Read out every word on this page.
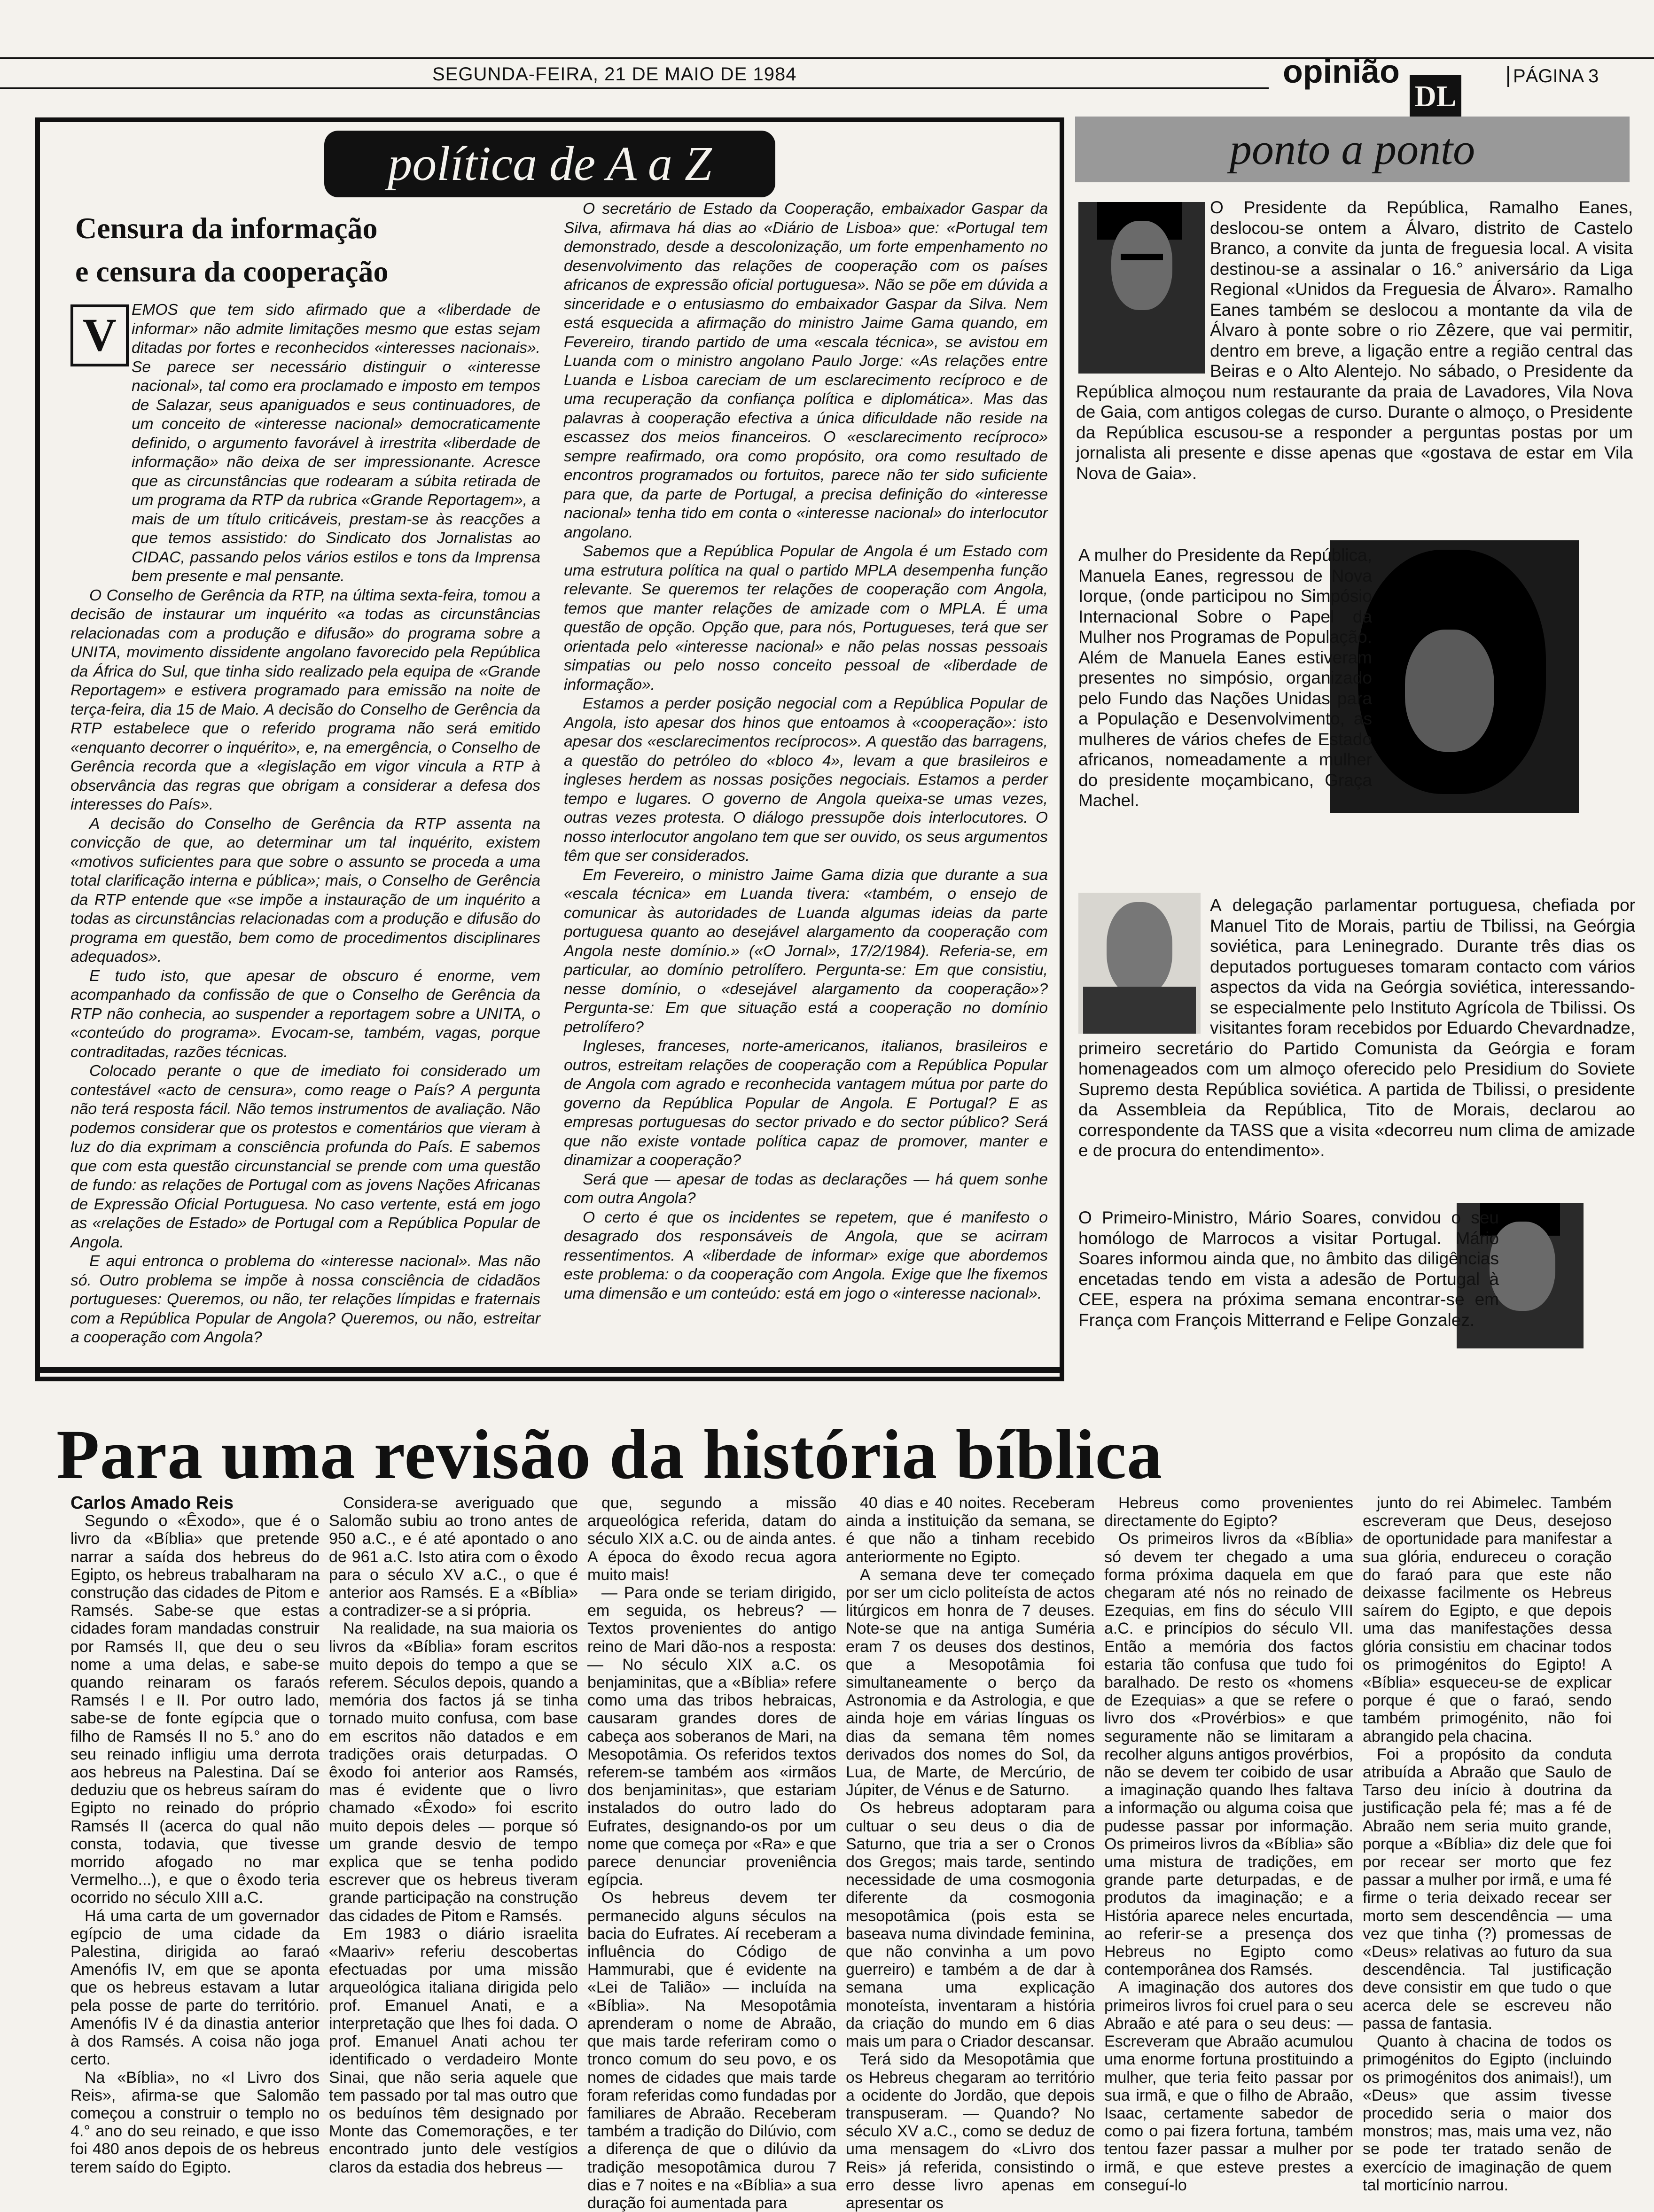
SEGUNDA-FEIRA, 21 DE MAIO DE 1984	opinião
DL
PÁGINA 3
política de A a Z
Censura da informação
e censura da cooperação
V EMOS que tem sido afirmado que a «liberdade de informar» não admite limitações mesmo que estas sejam ditadas por fortes e reconhecidos «interesses nacionais». Se parece ser necessário distinguir o «interesse nacional», tal como era proclamado e imposto em tempos de Salazar, seus apaniguados e seus continuadores, de um conceito de «interesse nacional» democraticamente definido, o argumento favorável à irrestrita «liberdade de informação» não deixa de ser impressionante. Acresce que as circunstâncias que rodearam a súbita retirada de um programa da RTP da rubrica «Grande Reportagem», a mais de um título criticáveis, prestam-se às reacções a que temos assistido: do Sindicato dos Jornalistas ao CIDAC, passando pelos vários estilos e tons da Imprensa bem presente e mal pensante.

O Conselho de Gerência da RTP, na última sexta-feira, tomou a decisão de instaurar um inquérito «a todas as circunstâncias relacionadas com a produção e difusão» do programa sobre a UNITA, movimento dissidente angolano favorecido pela República da África do Sul, que tinha sido realizado pela equipa de «Grande Reportagem» e estivera programado para emissão na noite de terça-feira, dia 15 de Maio. A decisão do Conselho de Gerência da RTP estabelece que o referido programa não será emitido «enquanto decorrer o inquérito», e, na emergência, o Conselho de Gerência recorda que a «legislação em vigor vincula a RTP à observância das regras que obrigam a considerar a defesa dos interesses do País».

A decisão do Conselho de Gerência da RTP assenta na convicção de que, ao determinar um tal inquérito, existem «motivos suficientes para que sobre o assunto se proceda a uma total clarificação interna e pública»; mais, o Conselho de Gerência da RTP entende que «se impõe a instauração de um inquérito a todas as circunstâncias relacionadas com a produção e difusão do programa em questão, bem como de procedimentos disciplinares adequados».

E tudo isto, que apesar de obscuro é enorme, vem acompanhado da confissão de que o Conselho de Gerência da RTP não conhecia, ao suspender a reportagem sobre a UNITA, o «conteúdo do programa». Evocam-se, também, vagas, porque contraditadas, razões técnicas.

Colocado perante o que de imediato foi considerado um contestável «acto de censura», como reage o País? A pergunta não terá resposta fácil. Não temos instrumentos de avaliação. Não podemos considerar que os protestos e comentários que vieram à luz do dia exprimam a consciência profunda do País. E sabemos que com esta questão circunstancial se prende com uma questão de fundo: as relações de Portugal com as jovens Nações Africanas de Expressão Oficial Portuguesa. No caso vertente, está em jogo as «relações de Estado» de Portugal com a República Popular de Angola.

E aqui entronca o problema do «interesse nacional». Mas não só. Outro problema se impõe à nossa consciência de cidadãos portugueses: Queremos, ou não, ter relações límpidas e fraternais com a República Popular de Angola? Queremos, ou não, estreitar a cooperação com Angola?

O secretário de Estado da Cooperação, embaixador Gaspar da Silva, afirmava há dias ao «Diário de Lisboa» que: «Portugal tem demonstrado, desde a descolonização, um forte empenhamento no desenvolvimento das relações de cooperação com os países africanos de expressão oficial portuguesa». Não se põe em dúvida a sinceridade e o entusiasmo do embaixador Gaspar da Silva. Nem está esquecida a afirmação do ministro Jaime Gama quando, em Fevereiro, tirando partido de uma «escala técnica», se avistou em Luanda com o ministro angolano Paulo Jorge: «As relações entre Luanda e Lisboa careciam de um esclarecimento recíproco e de uma recuperação da confiança política e diplomática». Mas das palavras à cooperação efectiva a única dificuldade não reside na escassez dos meios financeiros. O «esclarecimento recíproco» sempre reafirmado, ora como propósito, ora como resultado de encontros programados ou fortuitos, parece não ter sido suficiente para que, da parte de Portugal, a precisa definição do «interesse nacional» tenha tido em conta o «interesse nacional» do interlocutor angolano.

Sabemos que a República Popular de Angola é um Estado com uma estrutura política na qual o partido MPLA desempenha função relevante. Se queremos ter relações de cooperação com Angola, temos que manter relações de amizade com o MPLA. É uma questão de opção. Opção que, para nós, Portugueses, terá que ser orientada pelo «interesse nacional» e não pelas nossas pessoais simpatias ou pelo nosso conceito pessoal de «liberdade de informação».

Estamos a perder posição negocial com a República Popular de Angola, isto apesar dos hinos que entoamos à «cooperação»: isto apesar dos «esclarecimentos recíprocos». A questão das barragens, a questão do petróleo do «bloco 4», levam a que brasileiros e ingleses herdem as nossas posições negociais. Estamos a perder tempo e lugares. O governo de Angola queixa-se umas vezes, outras vezes protesta. O diálogo pressupõe dois interlocutores. O nosso interlocutor angolano tem que ser ouvido, os seus argumentos têm que ser considerados.

Em Fevereiro, o ministro Jaime Gama dizia que durante a sua «escala técnica» em Luanda tivera: «também, o ensejo de comunicar às autoridades de Luanda algumas ideias da parte portuguesa quanto ao desejável alargamento da cooperação com Angola neste domínio.» («O Jornal», 17/2/1984). Referia-se, em particular, ao domínio petrolífero. Pergunta-se: Em que consistiu, nesse domínio, o «desejável alargamento da cooperação»? Pergunta-se: Em que situação está a cooperação no domínio petrolífero?

Ingleses, franceses, norte-americanos, italianos, brasileiros e outros, estreitam relações de cooperação com a República Popular de Angola com agrado e reconhecida vantagem mútua por parte do governo da República Popular de Angola. E Portugal? E as empresas portuguesas do sector privado e do sector público? Será que não existe vontade política capaz de promover, manter e dinamizar a cooperação?

Será que — apesar de todas as declarações — há quem sonhe com outra Angola?

O certo é que os incidentes se repetem, que é manifesto o desagrado dos responsáveis de Angola, que se acirram ressentimentos. A «liberdade de informar» exige que abordemos este problema: o da cooperação com Angola. Exige que lhe fixemos uma dimensão e um conteúdo: está em jogo o «interesse nacional».

ponto a ponto
O Presidente da República, Ramalho Eanes, deslocou-se ontem a Álvaro, distrito de Castelo Branco, a convite da junta de freguesia local. A visita destinou-se a assinalar o 16.° aniversário da Liga Regional «Unidos da Freguesia de Álvaro». Ramalho Eanes também se deslocou a montante da vila de Álvaro à ponte sobre o rio Zêzere, que vai permitir, dentro em breve, a ligação entre a região central das Beiras e o Alto Alentejo. No sábado, o Presidente da República almoçou num restaurante da praia de Lavadores, Vila Nova de Gaia, com antigos colegas de curso. Durante o almoço, o Presidente da República escusou-se a responder a perguntas postas por um jornalista ali presente e disse apenas que «gostava de estar em Vila Nova de Gaia».
A mulher do Presidente da República, Manuela Eanes, regressou de Nova Iorque, (onde participou no Simpósio Internacional Sobre o Papel da Mulher nos Programas de População. Além de Manuela Eanes estiveram presentes no simpósio, organizado pelo Fundo das Nações Unidas para a População e Desenvolvimento, as mulheres de vários chefes de Estado africanos, nomeadamente a mulher do presidente moçambicano, Graça Machel.
A delegação parlamentar portuguesa, chefiada por Manuel Tito de Morais, partiu de Tbilissi, na Geórgia soviética, para Leninegrado. Durante três dias os deputados portugueses tomaram contacto com vários aspectos da vida na Geórgia soviética, interessando-se especialmente pelo Instituto Agrícola de Tbilissi. Os visitantes foram recebidos por Eduardo Chevardnadze, primeiro secretário do Partido Comunista da Geórgia e foram homenageados com um almoço oferecido pelo Presidium do Soviete Supremo desta República soviética. A partida de Tbilissi, o presidente da Assembleia da República, Tito de Morais, declarou ao correspondente da TASS que a visita «decorreu num clima de amizade e de procura do entendimento».
O Primeiro-Ministro, Mário Soares, convidou o seu homólogo de Marrocos a visitar Portugal. Mário Soares informou ainda que, no âmbito das diligências encetadas tendo em vista a adesão de Portugal à CEE, espera na próxima semana encontrar-se em França com François Mitterrand e Felipe Gonzalez.
Para uma revisão da história bíblica

Carlos Amado Reis

Segundo o «Êxodo», que é o livro da «Bíblia» que pretende narrar a saída dos hebreus do Egipto, os hebreus trabalharam na construção das cidades de Pitom e Ramsés. Sabe-se que estas cidades foram mandadas construir por Ramsés II, que deu o seu nome a uma delas, e sabe-se quando reinaram os faraós Ramsés I e II. Por outro lado, sabe-se de fonte egípcia que o filho de Ramsés II no 5.° ano do seu reinado infligiu uma derrota aos hebreus na Palestina. Daí se deduziu que os hebreus saíram do Egipto no reinado do próprio Ramsés II (acerca do qual não consta, todavia, que tivesse morrido afogado no mar Vermelho...), e que o êxodo teria ocorrido no século XIII a.C.

Há uma carta de um governador egípcio de uma cidade da Palestina, dirigida ao faraó Amenófis IV, em que se aponta que os hebreus estavam a lutar pela posse de parte do território. Amenófis IV é da dinastia anterior à dos Ramsés. A coisa não joga certo.

Na «Bíblia», no «I Livro dos Reis», afirma-se que Salomão começou a construir o templo no 4.° ano do seu reinado, e que isso foi 480 anos depois de os hebreus terem saído do Egipto.

Considera-se averiguado que Salomão subiu ao trono antes de 950 a.C., e é até apontado o ano de 961 a.C. Isto atira com o êxodo para o século XV a.C., o que é anterior aos Ramsés. E a «Bíblia» a contradizer-se a si própria.

Na realidade, na sua maioria os livros da «Bíblia» foram escritos muito depois do tempo a que se referem. Séculos depois, quando a memória dos factos já se tinha tornado muito confusa, com base em escritos não datados e em tradições orais deturpadas. O êxodo foi anterior aos Ramsés, mas é evidente que o livro chamado «Êxodo» foi escrito muito depois deles — porque só um grande desvio de tempo explica que se tenha podido escrever que os hebreus tiveram grande participação na construção das cidades de Pitom e Ramsés.

Em 1983 o diário israelita «Maariv» referiu descobertas efectuadas por uma missão arqueológica italiana dirigida pelo prof. Emanuel Anati, e a interpretação que lhes foi dada. O prof. Emanuel Anati achou ter identificado o verdadeiro Monte Sinai, que não seria aquele que tem passado por tal mas outro que os beduínos têm designado por Monte das Comemorações, e ter encontrado junto dele vestígios claros da estadia dos hebreus —

que, segundo a missão arqueológica referida, datam do século XIX a.C. ou de ainda antes. A época do êxodo recua agora muito mais!

— Para onde se teriam dirigido, em seguida, os hebreus? — Textos provenientes do antigo reino de Mari dão-nos a resposta: — No século XIX a.C. os benjaminitas, que a «Bíblia» refere como uma das tribos hebraicas, causaram grandes dores de cabeça aos soberanos de Mari, na Mesopotâmia. Os referidos textos referem-se também aos «irmãos dos benjaminitas», que estariam instalados do outro lado do Eufrates, designando-os por um nome que começa por «Ra» e que parece denunciar proveniência egípcia.

Os hebreus devem ter permanecido alguns séculos na bacia do Eufrates. Aí receberam a influência do Código de Hammurabi, que é evidente na «Lei de Talião» — incluída na «Bíblia». Na Mesopotâmia aprenderam o nome de Abraão, que mais tarde referiram como o tronco comum do seu povo, e os nomes de cidades que mais tarde foram referidas como fundadas por familiares de Abraão. Receberam também a tradição do Dilúvio, com a diferença de que o dilúvio da tradição mesopotâmica durou 7 dias e 7 noites e na «Bíblia» a sua duração foi aumentada para

40 dias e 40 noites. Receberam ainda a instituição da semana, se é que não a tinham recebido anteriormente no Egipto.

A semana deve ter começado por ser um ciclo politeísta de actos litúrgicos em honra de 7 deuses. Note-se que na antiga Suméria eram 7 os deuses dos destinos, que a Mesopotâmia foi simultaneamente o berço da Astronomia e da Astrologia, e que ainda hoje em várias línguas os dias da semana têm nomes derivados dos nomes do Sol, da Lua, de Marte, de Mercúrio, de Júpiter, de Vénus e de Saturno.

Os hebreus adoptaram para cultuar o seu deus o dia de Saturno, que tria a ser o Cronos dos Gregos; mais tarde, sentindo necessidade de uma cosmogonia diferente da cosmogonia mesopotâmica (pois esta se baseava numa divindade feminina, que não convinha a um povo guerreiro) e também a de dar à semana uma explicação monoteísta, inventaram a história da criação do mundo em 6 dias mais um para o Criador descansar.

Terá sido da Mesopotâmia que os Hebreus chegaram ao território a ocidente do Jordão, que depois transpuseram. — Quando? No século XV a.C., como se deduz de uma mensagem do «Livro dos Reis» já referida, consistindo o erro desse livro apenas em apresentar os

Hebreus como provenientes directamente do Egipto?

Os primeiros livros da «Bíblia» só devem ter chegado a uma forma próxima daquela em que chegaram até nós no reinado de Ezequias, em fins do século VIII a.C. e princípios do século VII. Então a memória dos factos estaria tão confusa que tudo foi baralhado. De resto os «homens de Ezequias» a que se refere o livro dos «Provérbios» e que seguramente não se limitaram a recolher alguns antigos provérbios, não se devem ter coibido de usar a imaginação quando lhes faltava a informação ou alguma coisa que pudesse passar por informação. Os primeiros livros da «Bíblia» são uma mistura de tradições, em grande parte deturpadas, e de produtos da imaginação; e a História aparece neles encurtada, ao referir-se a presença dos Hebreus no Egipto como contemporânea dos Ramsés.

A imaginação dos autores dos primeiros livros foi cruel para o seu Abraão e até para o seu deus: — Escreveram que Abraão acumulou uma enorme fortuna prostituindo a mulher, que teria feito passar por sua irmã, e que o filho de Abraão, Isaac, certamente sabedor de como o pai fizera fortuna, também tentou fazer passar a mulher por irmã, e que esteve prestes a conseguí-lo

junto do rei Abimelec. Também escreveram que Deus, desejoso de oportunidade para manifestar a sua glória, endureceu o coração do faraó para que este não deixasse facilmente os Hebreus saírem do Egipto, e que depois uma das manifestações dessa glória consistiu em chacinar todos os primogénitos do Egipto! A «Bíblia» esqueceu-se de explicar porque é que o faraó, sendo também primogénito, não foi abrangido pela chacina.

Foi a propósito da conduta atribuída a Abraão que Saulo de Tarso deu início à doutrina da justificação pela fé; mas a fé de Abraão nem seria muito grande, porque a «Bíblia» diz dele que foi por recear ser morto que fez passar a mulher por irmã, e uma fé firme o teria deixado recear ser morto sem descendência — uma vez que tinha (?) promessas de «Deus» relativas ao futuro da sua descendência. Tal justificação deve consistir em que tudo o que acerca dele se escreveu não passa de fantasia.

Quanto à chacina de todos os primogénitos do Egipto (incluindo os primogénitos dos animais!), um «Deus» que assim tivesse procedido seria o maior dos monstros; mas, mais uma vez, não se pode ter tratado senão de exercício de imaginação de quem tal morticínio narrou.
